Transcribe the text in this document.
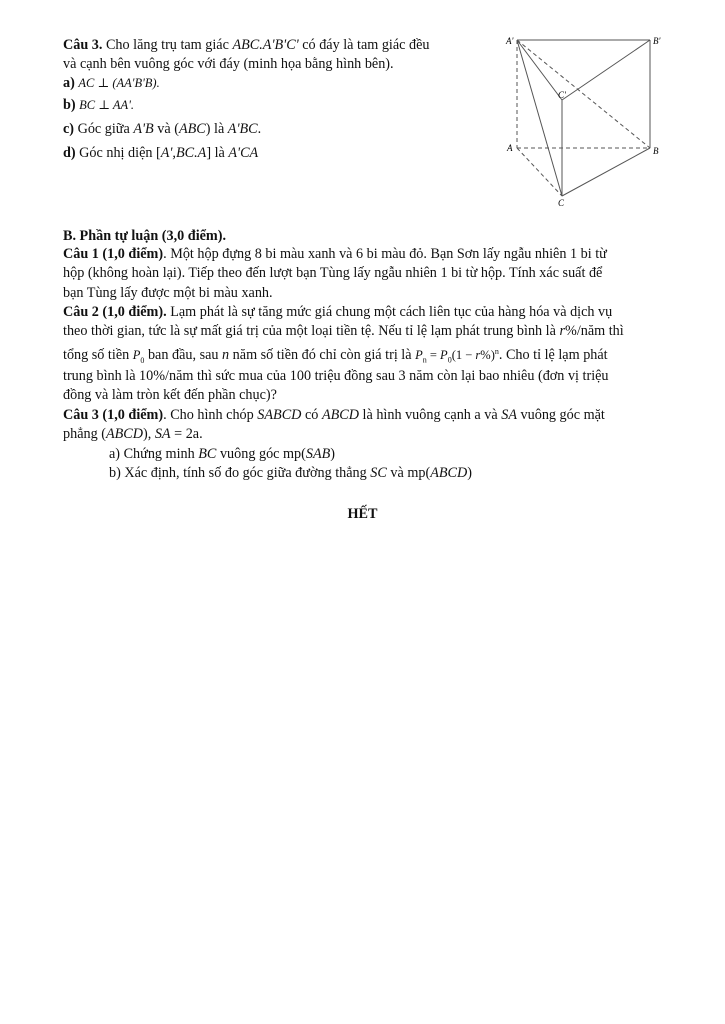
Câu 3. Cho lăng trụ tam giác ABC.A'B'C' có đáy là tam giác đều
và cạnh bên vuông góc với đáy (minh họa bằng hình bên).
a) AC ⊥ (AA'B'B).
b) BC ⊥ AA'.
c) Góc giữa A'B và (ABC) là A'BC.
d) Góc nhị diện [A',BC.A] là A'CA
A'	B'
C'
A	B
C
B. Phần tự luận (3,0 điểm).
Câu 1 (1,0 điểm). Một hộp đựng 8 bi màu xanh và 6 bi màu đỏ. Bạn Sơn lấy ngẫu nhiên 1 bi từ
hộp (không hoàn lại). Tiếp theo đến lượt bạn Tùng lấy ngẫu nhiên 1 bi từ hộp. Tính xác suất để
bạn Tùng lấy được một bi màu xanh.
Câu 2 (1,0 điểm). Lạm phát là sự tăng mức giá chung một cách liên tục của hàng hóa và dịch vụ
theo thời gian, tức là sự mất giá trị của một loại tiền tệ. Nếu tỉ lệ lạm phát trung bình là r%/năm thì
tổng số tiền $P_0$ ban đầu, sau n năm số tiền đó chỉ còn giá trị là $P_n = P_0(1 - r\%)^n$. Cho tỉ lệ lạm phát
trung bình là 10%/năm thì sức mua của 100 triệu đồng sau 3 năm còn lại bao nhiêu (đơn vị triệu
đồng và làm tròn kết đến phần chục)?
Câu 3 (1,0 điểm). Cho hình chóp SABCD có ABCD là hình vuông cạnh a và SA vuông góc mặt
phẳng (ABCD), SA = 2a.
a) Chứng minh BC vuông góc mp(SAB)
b) Xác định, tính số đo góc giữa đường thẳng SC và mp(ABCD)
HẾT
